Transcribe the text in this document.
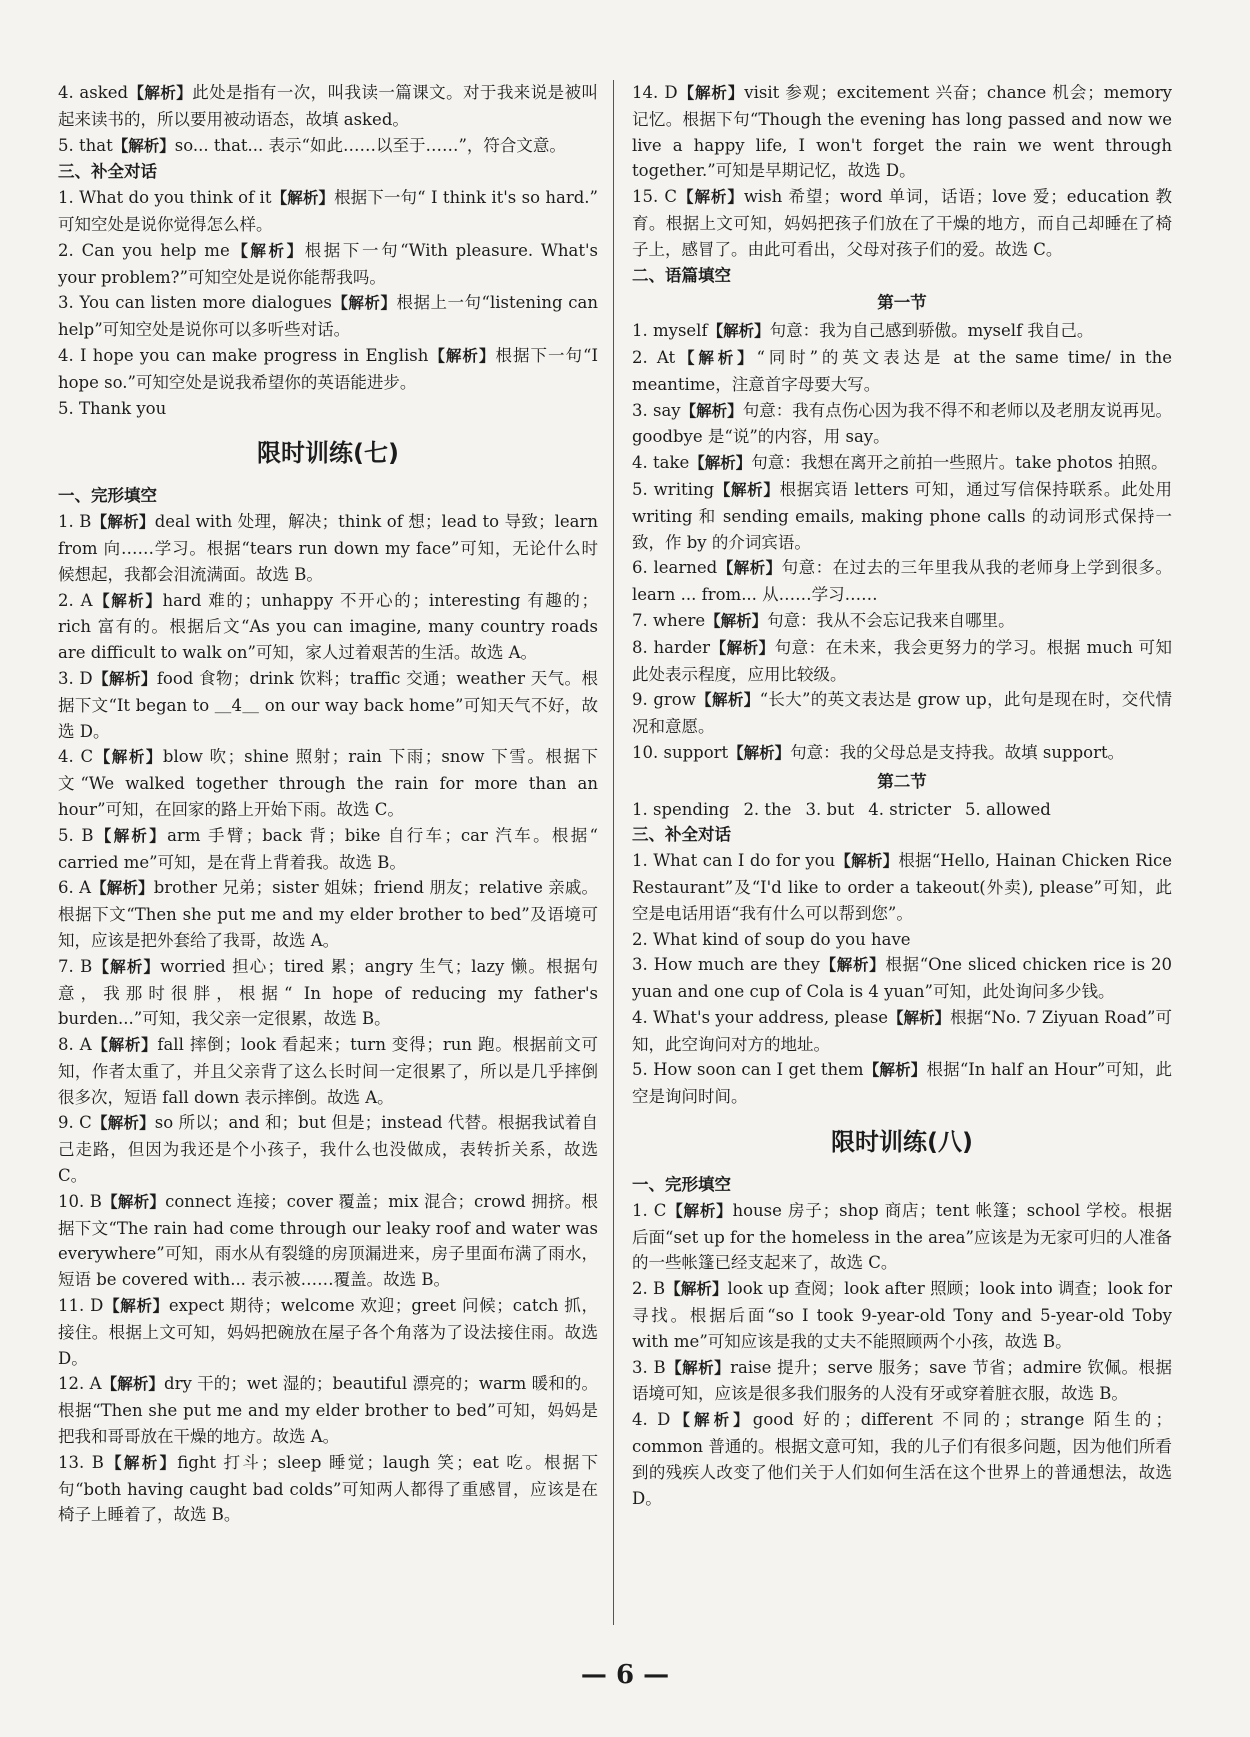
4. asked【解析】此处是指有一次，叫我读一篇课文。对于我来说是被叫起来读书的，所以要用被动语态，故填 asked。

5. that【解析】so... that... 表示“如此……以至于……”，符合文意。

三、补全对话

1. What do you think of it【解析】根据下一句“ I think it's so hard.” 可知空处是说你觉得怎么样。

2. Can you help me【解析】根据下一句“With pleasure. What's your problem?”可知空处是说你能帮我吗。

3. You can listen more dialogues【解析】根据上一句“listening can help”可知空处是说你可以多听些对话。

4. I hope you can make progress in English【解析】根据下一句“I hope so.”可知空处是说我希望你的英语能进步。

5. Thank you

限时训练(七)

一、完形填空

1. B【解析】deal with 处理，解决；think of 想；lead to 导致；learn from 向……学习。根据“tears run down my face”可知，无论什么时候想起，我都会泪流满面。故选 B。

2. A【解析】hard 难的；unhappy 不开心的；interesting 有趣的；rich 富有的。根据后文“As you can imagine, many country roads are difficult to walk on”可知，家人过着艰苦的生活。故选 A。

3. D【解析】food 食物；drink 饮料；traffic 交通；weather 天气。根据下文“It began to ＿4＿ on our way back home”可知天气不好，故选 D。

4. C【解析】blow 吹；shine 照射；rain 下雨；snow 下雪。根据下文“We walked together through the rain for more than an hour”可知，在回家的路上开始下雨。故选 C。

5. B【解析】arm 手臂；back 背；bike 自行车；car 汽车。根据“ carried me”可知，是在背上背着我。故选 B。

6. A【解析】brother 兄弟；sister 姐妹；friend 朋友；relative 亲戚。根据下文“Then she put me and my elder brother to bed”及语境可知，应该是把外套给了我哥，故选 A。

7. B【解析】worried 担心；tired 累；angry 生气；lazy 懒。根据句意，我那时很胖，根据“ In hope of reducing my father's burden...”可知，我父亲一定很累，故选 B。

8. A【解析】fall 摔倒；look 看起来；turn 变得；run 跑。根据前文可知，作者太重了，并且父亲背了这么长时间一定很累了，所以是几乎摔倒很多次，短语 fall down 表示摔倒。故选 A。

9. C【解析】so 所以；and 和；but 但是；instead 代替。根据我试着自己走路，但因为我还是个小孩子，我什么也没做成，表转折关系，故选 C。

10. B【解析】connect 连接；cover 覆盖；mix 混合；crowd 拥挤。根据下文“The rain had come through our leaky roof and water was everywhere”可知，雨水从有裂缝的房顶漏进来，房子里面布满了雨水，短语 be covered with... 表示被……覆盖。故选 B。

11. D【解析】expect 期待；welcome 欢迎；greet 问候；catch 抓，接住。根据上文可知，妈妈把碗放在屋子各个角落为了设法接住雨。故选 D。

12. A【解析】dry 干的；wet 湿的；beautiful 漂亮的；warm 暖和的。根据“Then she put me and my elder brother to bed”可知，妈妈是把我和哥哥放在干燥的地方。故选 A。

13. B【解析】fight 打斗；sleep 睡觉；laugh 笑；eat 吃。根据下句“both having caught bad colds”可知两人都得了重感冒，应该是在椅子上睡着了，故选 B。

14. D【解析】visit 参观；excitement 兴奋；chance 机会；memory 记忆。根据下句“Though the evening has long passed and now we live a happy life, I won't forget the rain we went through together.”可知是早期记忆，故选 D。

15. C【解析】wish 希望；word 单词，话语；love 爱；education 教育。根据上文可知，妈妈把孩子们放在了干燥的地方，而自己却睡在了椅子上，感冒了。由此可看出，父母对孩子们的爱。故选 C。

二、语篇填空

第一节

1. myself【解析】句意：我为自己感到骄傲。myself 我自己。

2. At【解析】“同时”的英文表达是 at the same time/ in the meantime，注意首字母要大写。

3. say【解析】句意：我有点伤心因为我不得不和老师以及老朋友说再见。goodbye 是“说”的内容，用 say。

4. take【解析】句意：我想在离开之前拍一些照片。take photos 拍照。

5. writing【解析】根据宾语 letters 可知，通过写信保持联系。此处用 writing 和 sending emails, making phone calls 的动词形式保持一致，作 by 的介词宾语。

6. learned【解析】句意：在过去的三年里我从我的老师身上学到很多。learn ... from... 从……学习……

7. where【解析】句意：我从不会忘记我来自哪里。

8. harder【解析】句意：在未来，我会更努力的学习。根据 much 可知此处表示程度，应用比较级。

9. grow【解析】“长大”的英文表达是 grow up，此句是现在时，交代情况和意愿。

10. support【解析】句意：我的父母总是支持我。故填 support。

第二节

1. spending 2. the 3. but 4. stricter 5. allowed

三、补全对话

1. What can I do for you【解析】根据“Hello, Hainan Chicken Rice Restaurant”及“I'd like to order a takeout(外卖), please”可知，此空是电话用语“我有什么可以帮到您”。

2. What kind of soup do you have

3. How much are they【解析】根据“One sliced chicken rice is 20 yuan and one cup of Cola is 4 yuan”可知，此处询问多少钱。

4. What's your address, please【解析】根据“No. 7 Ziyuan Road”可知，此空询问对方的地址。

5. How soon can I get them【解析】根据“In half an Hour”可知，此空是询问时间。

限时训练(八)

一、完形填空

1. C【解析】house 房子；shop 商店；tent 帐篷；school 学校。根据后面“set up for the homeless in the area”应该是为无家可归的人准备的一些帐篷已经支起来了，故选 C。

2. B【解析】look up 查阅；look after 照顾；look into 调查；look for 寻找。根据后面“so I took 9-year-old Tony and 5-year-old Toby with me”可知应该是我的丈夫不能照顾两个小孩，故选 B。

3. B【解析】raise 提升；serve 服务；save 节省；admire 钦佩。根据语境可知，应该是很多我们服务的人没有牙或穿着脏衣服，故选 B。

4. D【解析】good 好的；different 不同的；strange 陌生的；common 普通的。根据文意可知，我的儿子们有很多问题，因为他们所看到的残疾人改变了他们关于人们如何生活在这个世界上的普通想法，故选 D。

— 6 —
